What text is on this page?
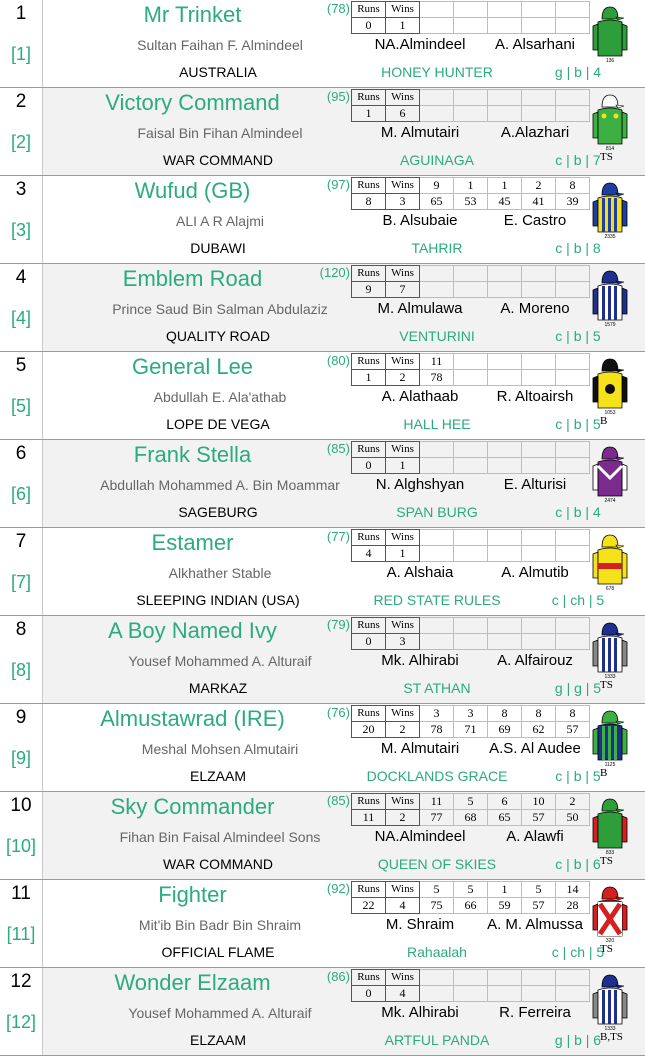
1
[1]
Mr Trinket	(78)
Sultan Faihan F. Almindeel
AUSTRALIA	HONEY HUNTER	g | b | 4
NA.Almindeel	A. Alsarhani
Runs	Wins					
0	1					
136
2
[2]
Victory Command	(95)
Faisal Bin Fihan Almindeel
WAR COMMAND	AGUINAGA	c | b | 7
M. Almutairi	A.Alazhari
Runs	Wins					
1	6					
814
TS
3
[3]
Wufud (GB)	(97)
ALI A R Alajmi
DUBAWI	TAHRIR	c | b | 8
B. Alsubaie	E. Castro
Runs	Wins	9	1	1	2	8
8	3	65	53	45	41	39
2335
4
[4]
Emblem Road	(120)
Prince Saud Bin Salman Abdulaziz
QUALITY ROAD	VENTURINI	c | b | 5
M. Almulawa	A. Moreno
Runs	Wins					
9	7					
1579
5
[5]
General Lee	(80)
Abdullah E. Ala'athab
LOPE DE VEGA	HALL HEE	c | b | 5
A. Alathaab	R. Altoairsh
Runs	Wins	11				
1	2	78				
1053
B
6
[6]
Frank Stella	(85)
Abdullah Mohammed A. Bin Moammar
SAGEBURG	SPAN BURG	c | b | 4
N. Alghshyan	E. Alturisi
Runs	Wins					
0	1					
2474
7
[7]
Estamer	(77)
Alkhather Stable
SLEEPING INDIAN (USA)	RED STATE RULES	c | ch | 5
A. Alshaia	A. Almutib
Runs	Wins					
4	1					
678
8
[8]
A Boy Named Ivy	(79)
Yousef Mohammed A. Alturaif
MARKAZ	ST ATHAN	g | g | 5
Mk. Alhirabi	A. Alfairouz
Runs	Wins					
0	3					
1333
TS
9
[9]
Almustawrad (IRE)	(76)
Meshal Mohsen Almutairi
ELZAAM	DOCKLANDS GRACE	c | b | 5
M. Almutairi	A.S. Al Audee
Runs	Wins	3	3	8	8	8
20	2	78	71	69	62	57
1125
B
10
[10]
Sky Commander	(85)
Fihan Bin Faisal Almindeel Sons
WAR COMMAND	QUEEN OF SKIES	c | b | 6
NA.Almindeel	A. Alawfi
Runs	Wins	11	5	6	10	2
11	2	77	68	65	57	50
833
TS
11
[11]
Fighter	(92)
Mit'ib Bin Badr Bin Shraim
OFFICIAL FLAME	Rahaalah	c | ch | 5
M. Shraim	A. M. Almussa
Runs	Wins	5	5	1	5	14
22	4	75	66	59	57	28
320
TS
12
[12]
Wonder Elzaam	(86)
Yousef Mohammed A. Alturaif
ELZAAM	ARTFUL PANDA	g | b | 6
Mk. Alhirabi	R. Ferreira
Runs	Wins					
0	4					
1333
B,TS
